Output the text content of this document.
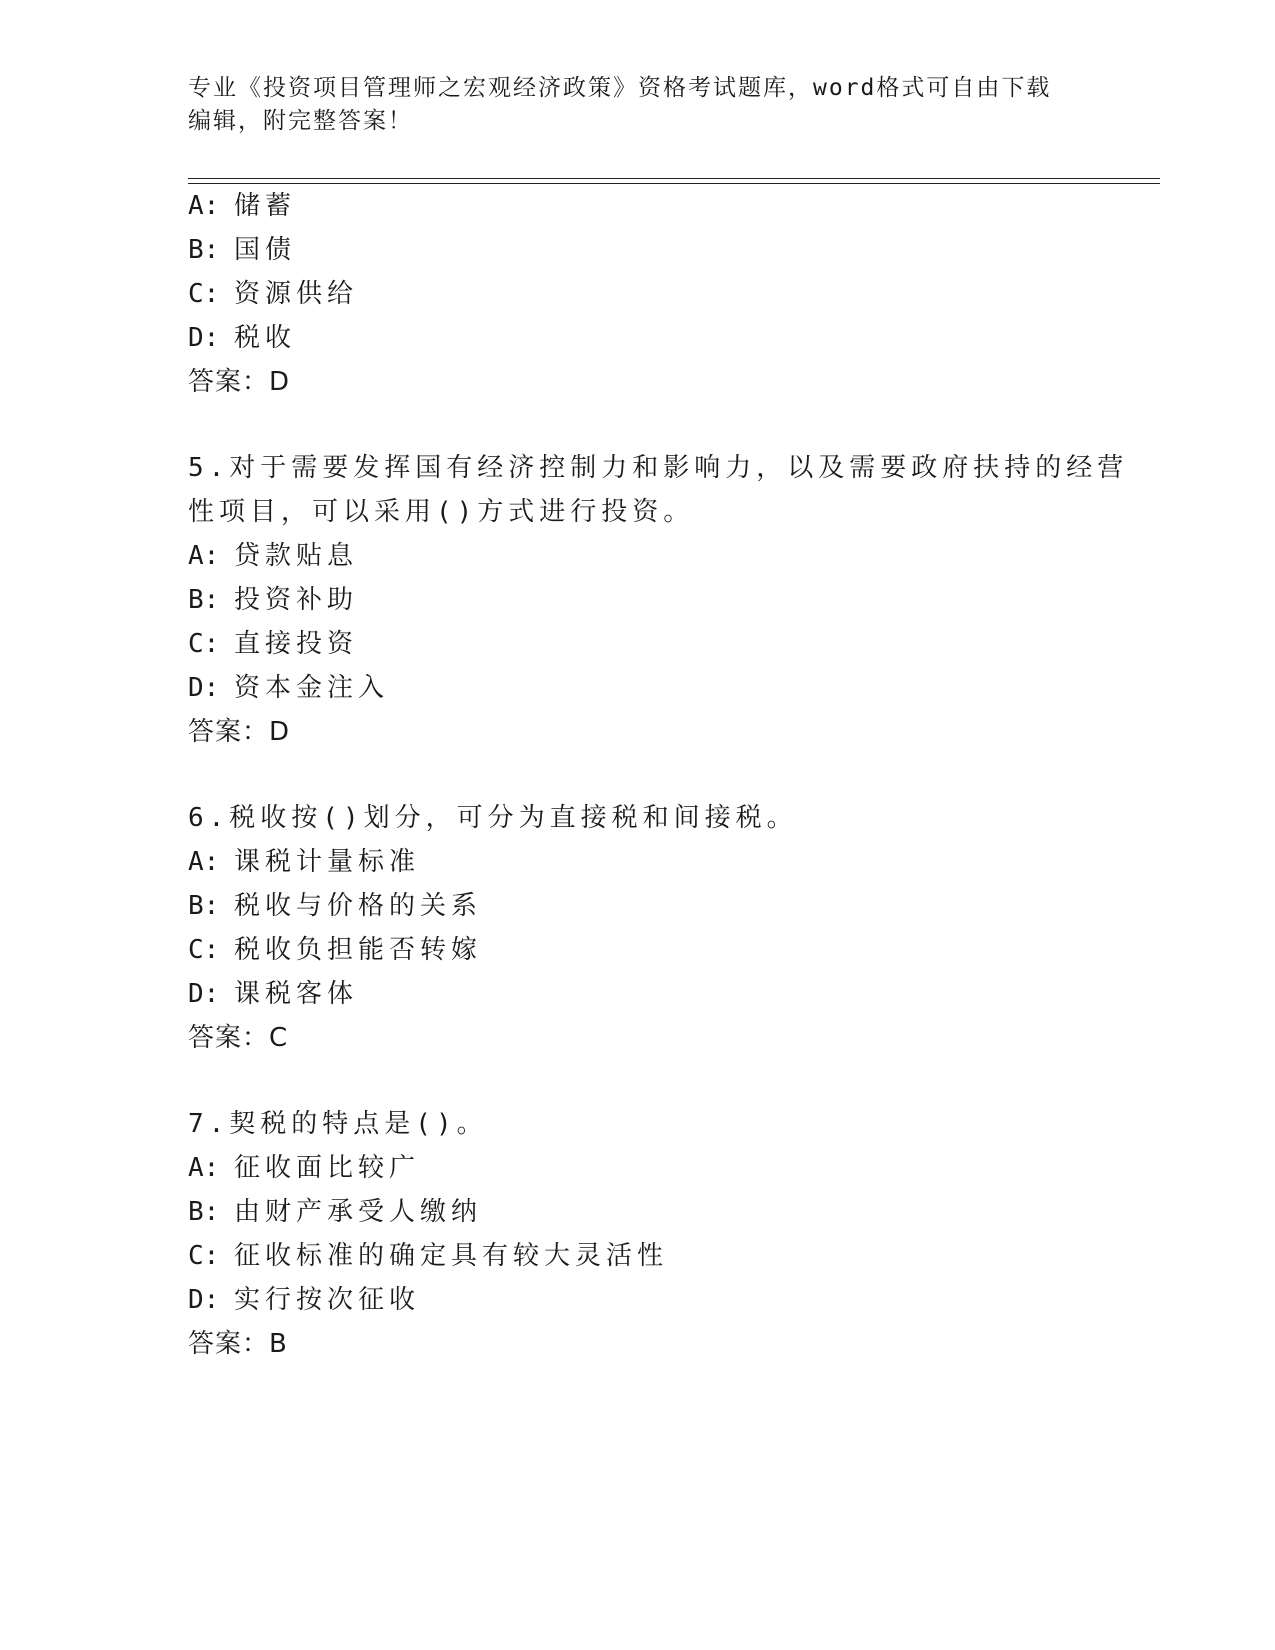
专业《投资项目管理师之宏观经济政策》资格考试题库，word格式可自由下载编辑，附完整答案！
A: 储蓄
B: 国债
C: 资源供给
D: 税收
答案：D
5.对于需要发挥国有经济控制力和影响力，以及需要政府扶持的经营
性项目，可以采用()方式进行投资。
A: 贷款贴息
B: 投资补助
C: 直接投资
D: 资本金注入
答案：D
6.税收按()划分，可分为直接税和间接税。
A: 课税计量标准
B: 税收与价格的关系
C: 税收负担能否转嫁
D: 课税客体
答案：C
7.契税的特点是()。
A: 征收面比较广
B: 由财产承受人缴纳
C: 征收标准的确定具有较大灵活性
D: 实行按次征收
答案：B
